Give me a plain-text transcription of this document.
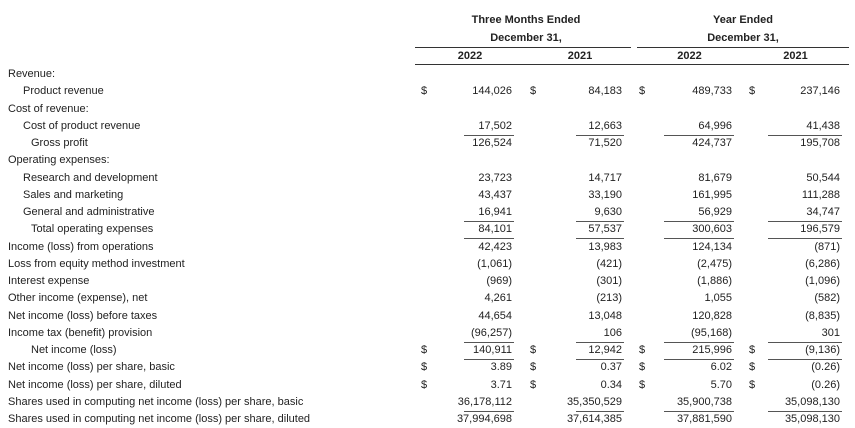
Three Months Ended
December 31,
Year Ended
December 31,
2022	2021	2022	2021
Revenue:
Product revenue	$	144,026 $	84,183 $	489,733 $	237,146
Cost of revenue:
Cost of product revenue	17,502	12,663	64,996	41,438
Gross profit	126,524	71,520	424,737	195,708
Operating expenses:
Research and development	23,723	14,717	81,679	50,544
Sales and marketing	43,437	33,190	161,995	111,288
General and administrative	16,941	9,630	56,929	34,747
Total operating expenses	84,101	57,537	300,603	196,579
Income (loss) from operations	42,423	13,983	124,134	(871)
Loss from equity method investment	(1,061)	(421)	(2,475)	(6,286)
Interest expense	(969)	(301)	(1,886)	(1,096)
Other income (expense), net	4,261	(213)	1,055	(582)
Net income (loss) before taxes	44,654	13,048	120,828	(8,835)
Income tax (benefit) provision	(96,257)	106	(95,168)	301
Net income (loss)	$	140,911 $	12,942 $	215,996 $	(9,136)
Net income (loss) per share, basic	$	3.89 $	0.37 $	6.02 $	(0.26)
Net income (loss) per share, diluted	$	3.71 $	0.34 $	5.70 $	(0.26)
Shares used in computing net income (loss) per share, basic	36,178,112	35,350,529	35,900,738	35,098,130
Shares used in computing net income (loss) per share, diluted	37,994,698	37,614,385	37,881,590	35,098,130
